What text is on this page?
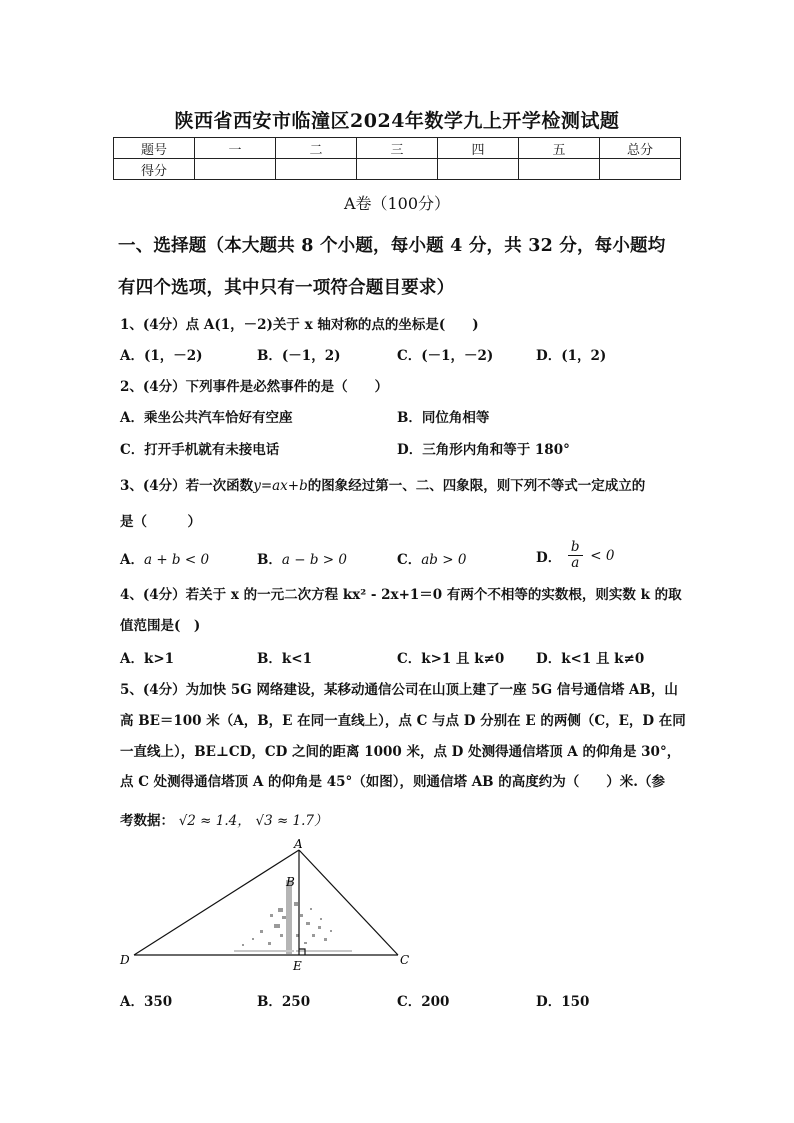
陕西省西安市临潼区2024年数学九上开学检测试题
题号	一	二	三	四	五	总分
得分						
A卷（100分）
一、选择题（本大题共 8 个小题，每小题 4 分，共 32 分，每小题均
有四个选项，其中只有一项符合题目要求）
1、(4分）点 A(1，－2)关于 x 轴对称的点的坐标是(　　)
A．(1，－2)	B．(－1，2)	C．(－1，－2)	D．(1，2)
2、(4分）下列事件是必然事件的是（　　）
A．乘坐公共汽车恰好有空座	B．同位角相等
C．打开手机就有未接电话	D．三角形内角和等于 180°
3、(4分）若一次函数y=ax+b的图象经过第一、二、四象限，则下列不等式一定成立的
是（　　　）
A．a + b < 0	B．a − b > 0	C．ab > 0	D． $\frac{b}{a} < 0$
4、(4分）若关于 x 的一元二次方程 kx² - 2x+1＝0 有两个不相等的实数根，则实数 k 的取
值范围是(　)
A．k>1	B．k<1	C．k>1 且 k≠0 D．k<1 且 k≠0
5、(4分）为加快 5G 网络建设，某移动通信公司在山顶上建了一座 5G 信号通信塔 AB，山
高 BE＝100 米（A，B，E 在同一直线上），点 C 与点 D 分别在 E 的两侧（C，E，D 在同
一直线上），BE⊥CD，CD 之间的距离 1000 米，点 D 处测得通信塔顶 A 的仰角是 30°，
点 C 处测得通信塔顶 A 的仰角是 45°（如图），则通信塔 AB 的高度约为（　　）米.（参
考数据： √2 ≈ 1.4， √3 ≈ 1.7）
A
B
D	C
E
A．350	B．250	C．200	D．150
